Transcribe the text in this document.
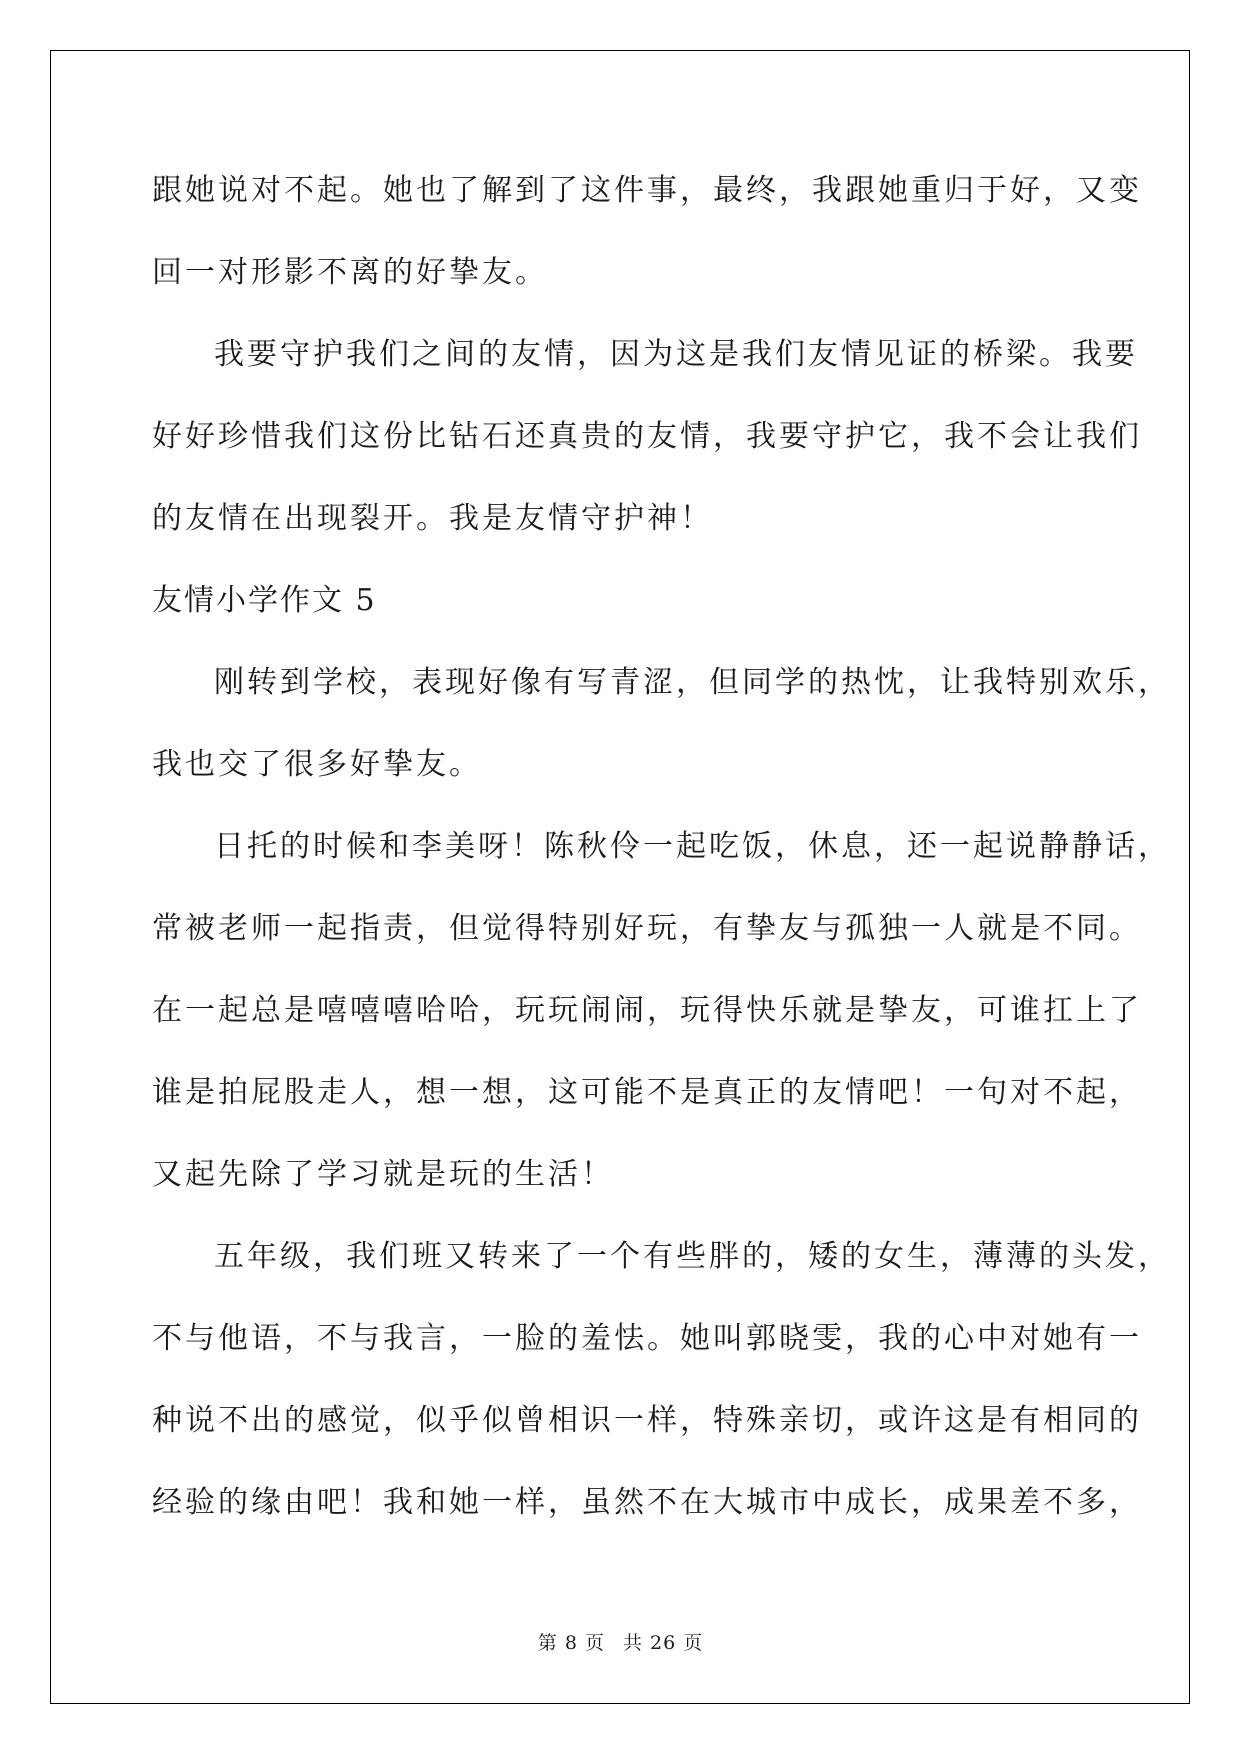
跟她说对不起。她也了解到了这件事，最终，我跟她重归于好，又变
回一对形影不离的好挚友。
我要守护我们之间的友情，因为这是我们友情见证的桥梁。我要
好好珍惜我们这份比钻石还真贵的友情，我要守护它，我不会让我们
的友情在出现裂开。我是友情守护神！
友情小学作文 5
刚转到学校，表现好像有写青涩，但同学的热忱，让我特别欢乐，
我也交了很多好挚友。
日托的时候和李美呀！陈秋伶一起吃饭，休息，还一起说静静话，
常被老师一起指责，但觉得特别好玩，有挚友与孤独一人就是不同。
在一起总是嘻嘻嘻哈哈，玩玩闹闹，玩得快乐就是挚友，可谁扛上了
谁是拍屁股走人，想一想，这可能不是真正的友情吧！一句对不起，
又起先除了学习就是玩的生活！
五年级，我们班又转来了一个有些胖的，矮的女生，薄薄的头发，
不与他语，不与我言，一脸的羞怯。她叫郭晓雯，我的心中对她有一
种说不出的感觉，似乎似曾相识一样，特殊亲切，或许这是有相同的
经验的缘由吧！我和她一样，虽然不在大城市中成长，成果差不多，
第 8 页 共 26 页
